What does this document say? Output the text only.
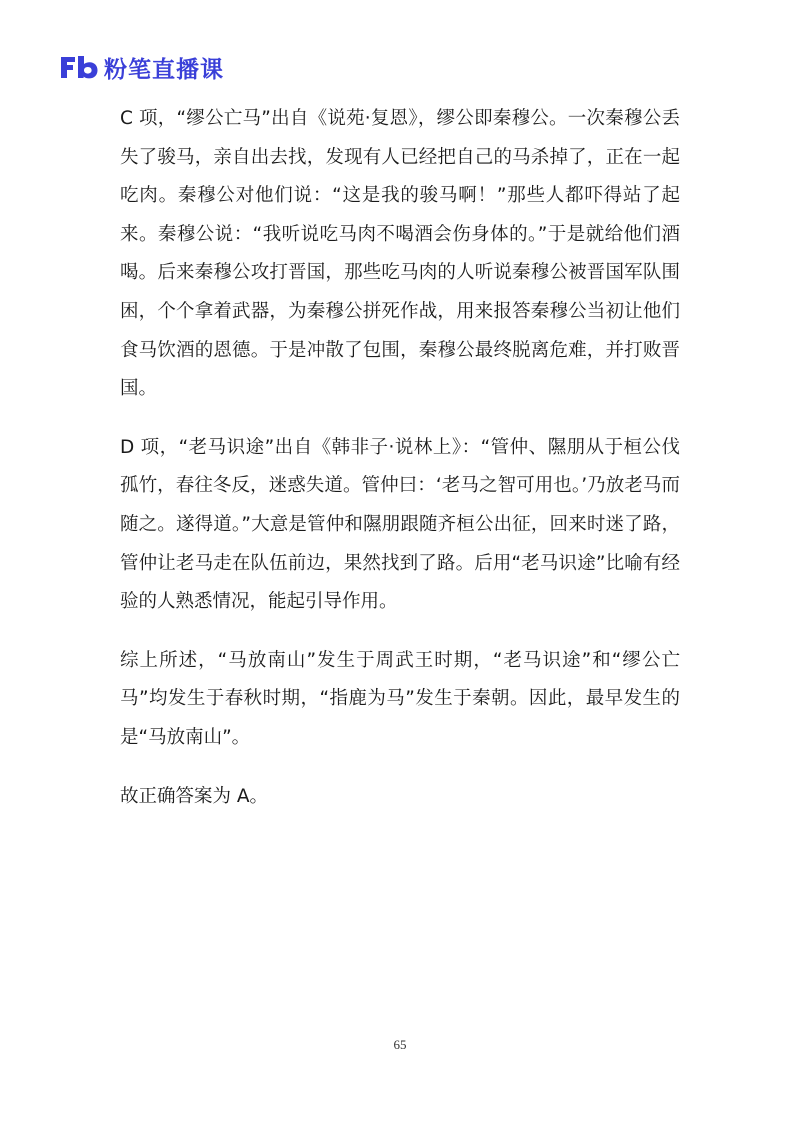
粉笔直播课

C 项，“缪公亡马”出自《说苑·复恩》，缪公即秦穆公。一次秦穆公丢失了骏马，亲自出去找，发现有人已经把自己的马杀掉了，正在一起吃肉。秦穆公对他们说：“这是我的骏马啊！”那些人都吓得站了起来。秦穆公说：“我听说吃马肉不喝酒会伤身体的。”于是就给他们酒喝。后来秦穆公攻打晋国，那些吃马肉的人听说秦穆公被晋国军队围困，个个拿着武器，为秦穆公拼死作战，用来报答秦穆公当初让他们食马饮酒的恩德。于是冲散了包围，秦穆公最终脱离危难，并打败晋国。

D 项，“老马识途”出自《韩非子·说林上》：“管仲、隰朋从于桓公伐孤竹，春往冬反，迷惑失道。管仲曰：‘老马之智可用也。’乃放老马而随之。遂得道。”大意是管仲和隰朋跟随齐桓公出征，回来时迷了路，管仲让老马走在队伍前边，果然找到了路。后用“老马识途”比喻有经验的人熟悉情况，能起引导作用。

综上所述，“马放南山”发生于周武王时期，“老马识途”和“缪公亡马”均发生于春秋时期，“指鹿为马”发生于秦朝。因此，最早发生的是“马放南山”。

故正确答案为 A。

65
